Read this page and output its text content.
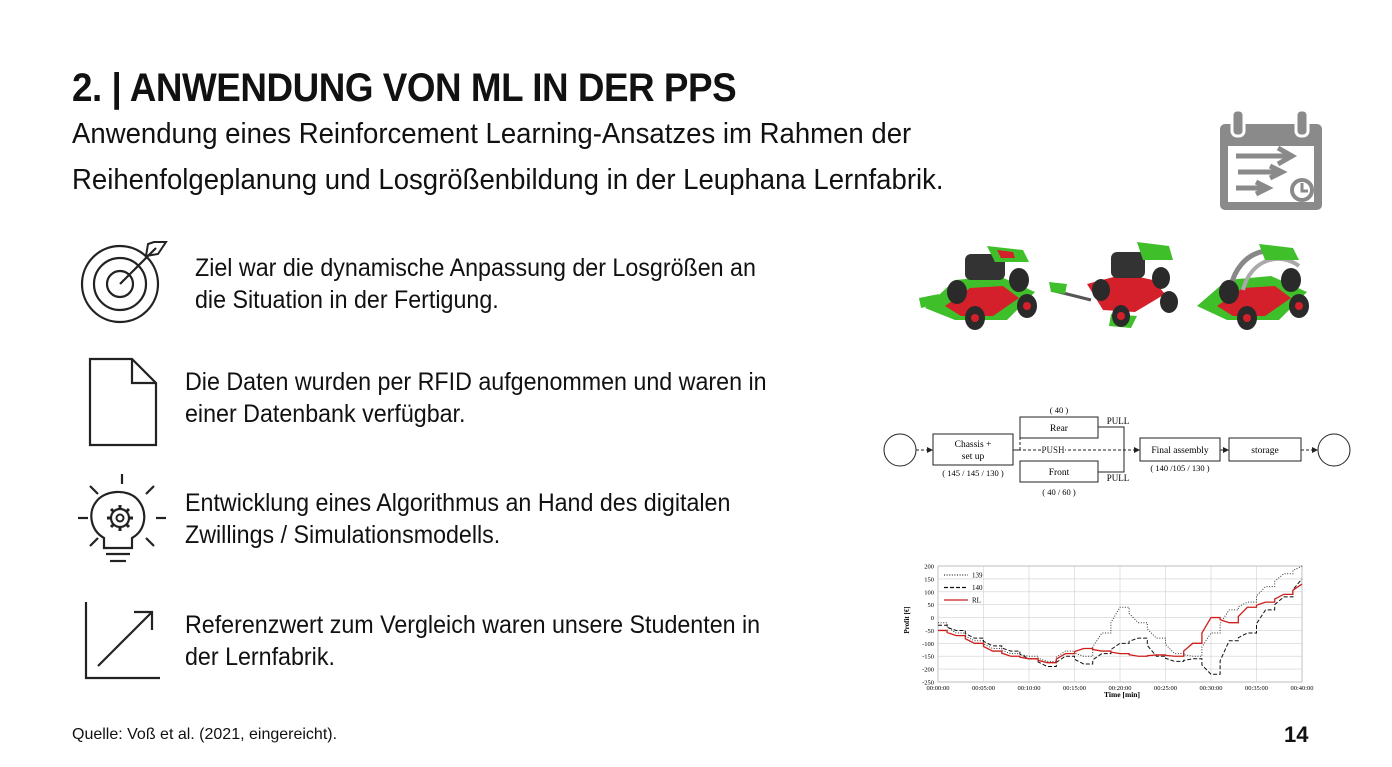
2. | ANWENDUNG VON ML IN DER PPS
Anwendung eines Reinforcement Learning-Ansatzes im Rahmen der
Reihenfolgeplanung und Losgrößenbildung in der Leuphana Lernfabrik.
Ziel war die dynamische Anpassung der Losgrößen an
die Situation in der Fertigung.
Die Daten wurden per RFID aufgenommen und waren in
einer Datenbank verfügbar.
Entwicklung eines Algorithmus an Hand des digitalen
Zwillings / Simulationsmodells.
Referenzwert zum Vergleich waren unsere Studenten in
der Lernfabrik.
Chassis +
set up
( 145 / 145 / 130 )
PUSH
Rear
( 40 )
PULL
Front
( 40 / 60 )
PULL
Final assembly
( 140 /105 / 130 )
storage
200
150
100
50
0
-50
-100
-150
-200
-250
00:00:00	00:05:00	00:10:00	00:15:00	00:20:00	00:25:00	00:30:00	00:35:00	00:40:00
139
140
RL
Profit [€]
Time [min]
Quelle: Voß et al. (2021, eingereicht).	14
